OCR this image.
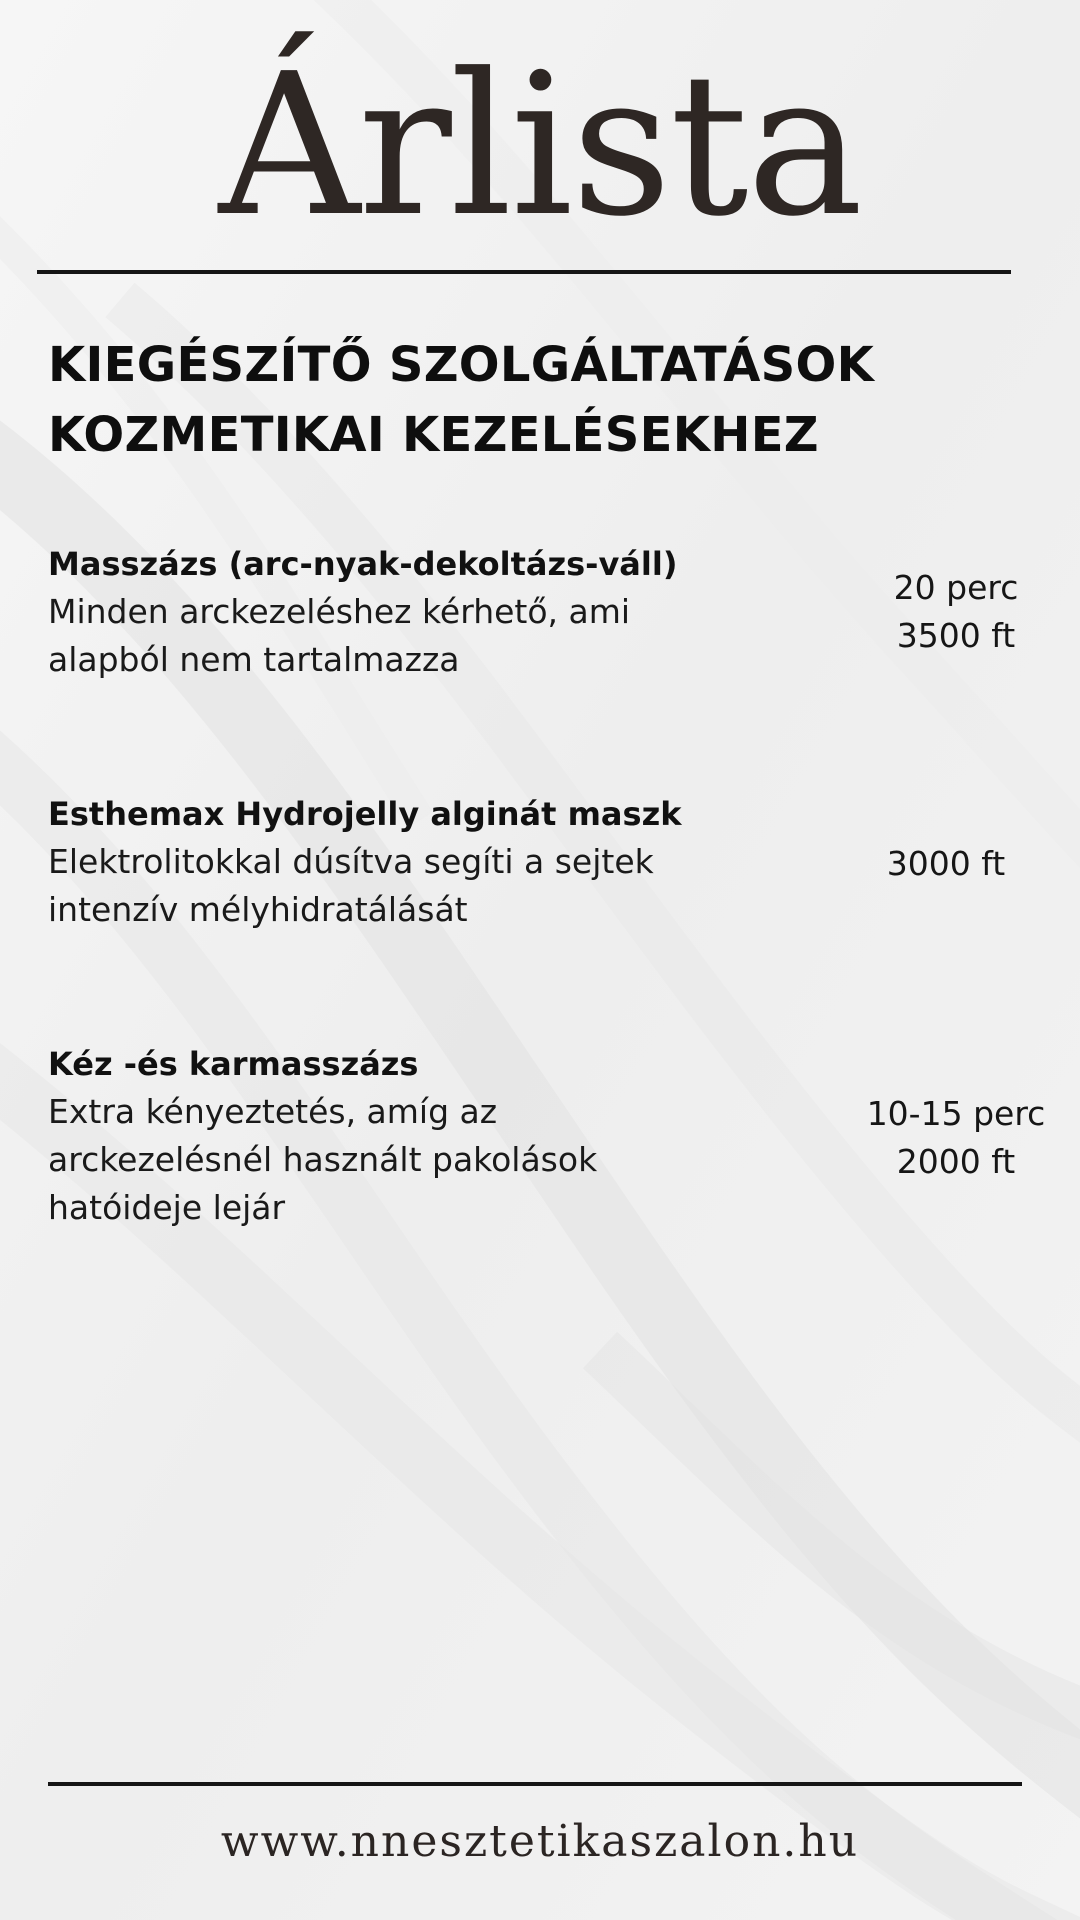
Árlista
KIEGÉSZÍTŐ SZOLGÁLTATÁSOK
KOZMETIKAI KEZELÉSEKHEZ
Masszázs (arc-nyak-dekoltázs-váll)
Minden arckezeléshez kérhető, ami alapból nem tartalmazza
20 perc
3500 ft
Esthemax Hydrojelly alginát maszk
Elektrolitokkal dúsítva segíti a sejtek intenzív mélyhidratálását
3000 ft
Kéz -és karmasszázs
Extra kényeztetés, amíg az arckezelésnél használt pakolások hatóideje lejár
10-15 perc
2000 ft
www.nnesztetikaszalon.hu
